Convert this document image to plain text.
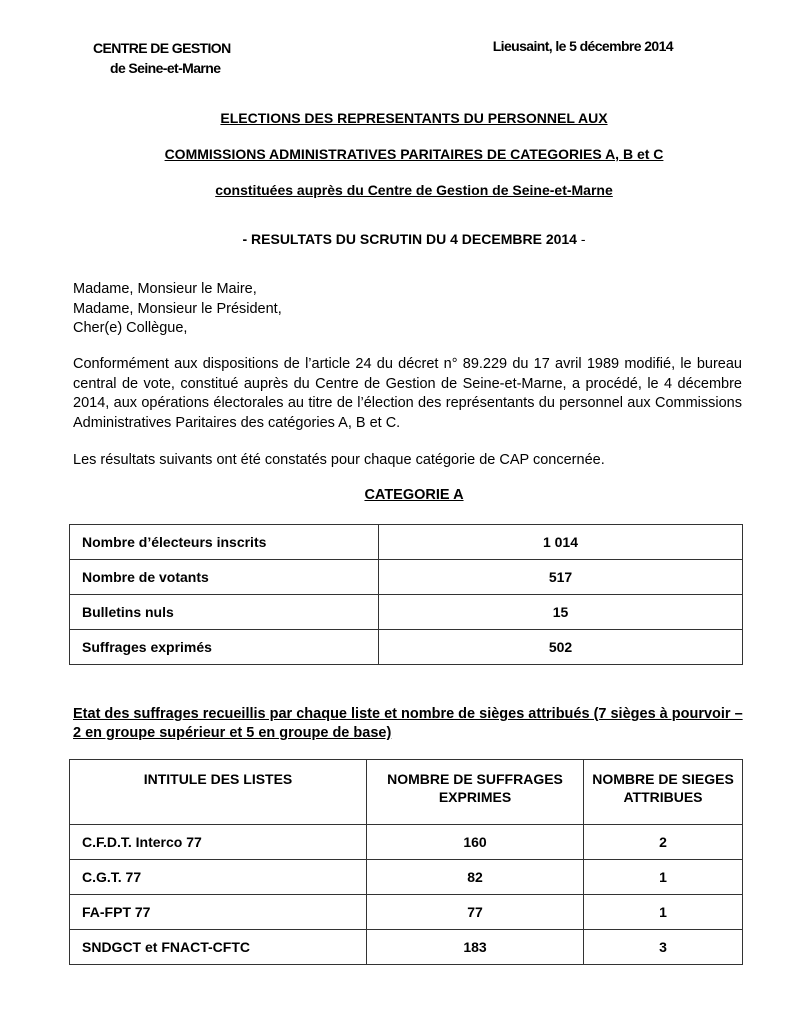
CENTRE DE GESTION
de Seine-et-Marne
Lieusaint, le 5 décembre 2014
ELECTIONS DES REPRESENTANTS DU PERSONNEL AUX
COMMISSIONS ADMINISTRATIVES PARITAIRES DE CATEGORIES A, B et C
constituées auprès du Centre de Gestion de Seine-et-Marne
- RESULTATS DU SCRUTIN DU 4 DECEMBRE 2014 -
Madame, Monsieur le Maire,
Madame, Monsieur le Président,
Cher(e) Collègue,
Conformément aux dispositions de l’article 24 du décret n° 89.229 du 17 avril 1989 modifié, le bureau central de vote, constitué auprès du Centre de Gestion de Seine-et-Marne, a procédé, le 4 décembre 2014, aux opérations électorales au titre de l’élection des représentants du personnel aux Commissions Administratives Paritaires des catégories A, B et C.
Les résultats suivants ont été constatés pour chaque catégorie de CAP concernée.
CATEGORIE A
Nombre d’électeurs inscrits	1 014
Nombre de votants	517
Bulletins nuls	15
Suffrages exprimés	502
Etat des suffrages recueillis par chaque liste et nombre de sièges attribués (7 sièges à pourvoir – 2 en groupe supérieur et 5 en groupe de base)
INTITULE DES LISTES	NOMBRE DE SUFFRAGES EXPRIMES	NOMBRE DE SIEGES ATTRIBUES
C.F.D.T. Interco 77	160	2
C.G.T. 77	82	1
FA-FPT 77	77	1
SNDGCT et FNACT-CFTC	183	3
